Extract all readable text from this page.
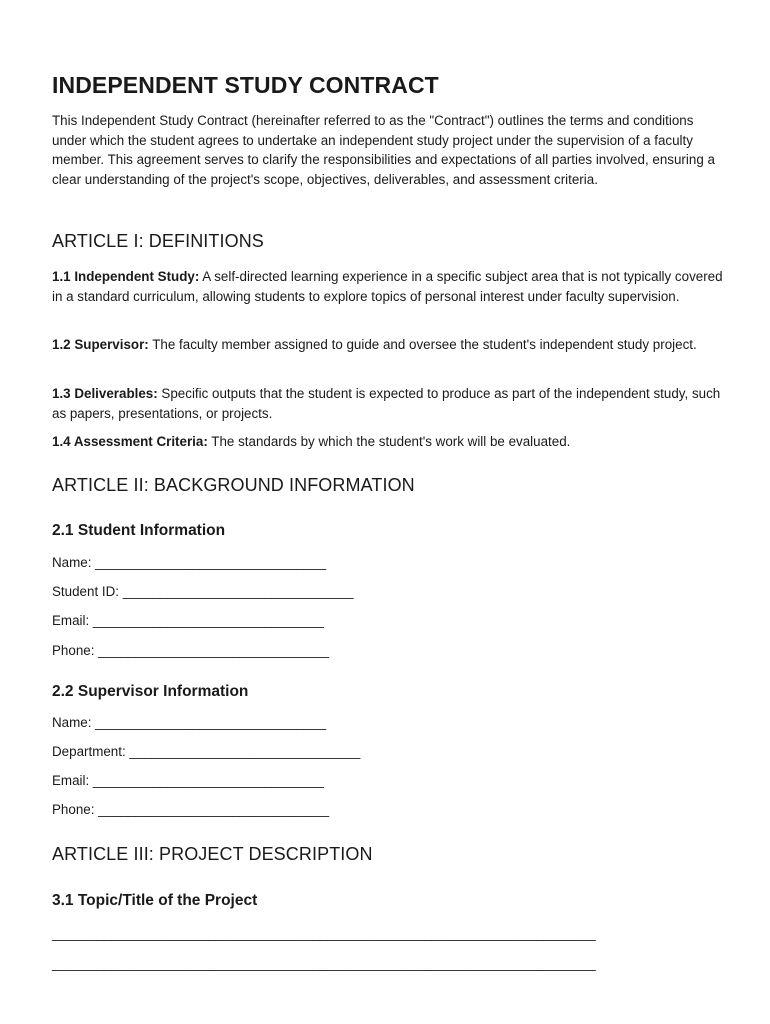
INDEPENDENT STUDY CONTRACT

This Independent Study Contract (hereinafter referred to as the "Contract") outlines the terms and conditions under which the student agrees to undertake an independent study project under the supervision of a faculty member. This agreement serves to clarify the responsibilities and expectations of all parties involved, ensuring a clear understanding of the project's scope, objectives, deliverables, and assessment criteria.

ARTICLE I: DEFINITIONS

1.1 Independent Study: A self-directed learning experience in a specific subject area that is not typically covered in a standard curriculum, allowing students to explore topics of personal interest under faculty supervision.

1.2 Supervisor: The faculty member assigned to guide and oversee the student's independent study project.

1.3 Deliverables: Specific outputs that the student is expected to produce as part of the independent study, such as papers, presentations, or projects.

1.4 Assessment Criteria: The standards by which the student's work will be evaluated.

ARTICLE II: BACKGROUND INFORMATION
2.1 Student Information

Name: _______________________________

Student ID: _______________________________

Email: _______________________________

Phone: _______________________________

2.2 Supervisor Information

Name: _______________________________

Department: _______________________________

Email: _______________________________

Phone: _______________________________

ARTICLE III: PROJECT DESCRIPTION
3.1 Topic/Title of the Project

_________________________________________________________________________

_________________________________________________________________________
